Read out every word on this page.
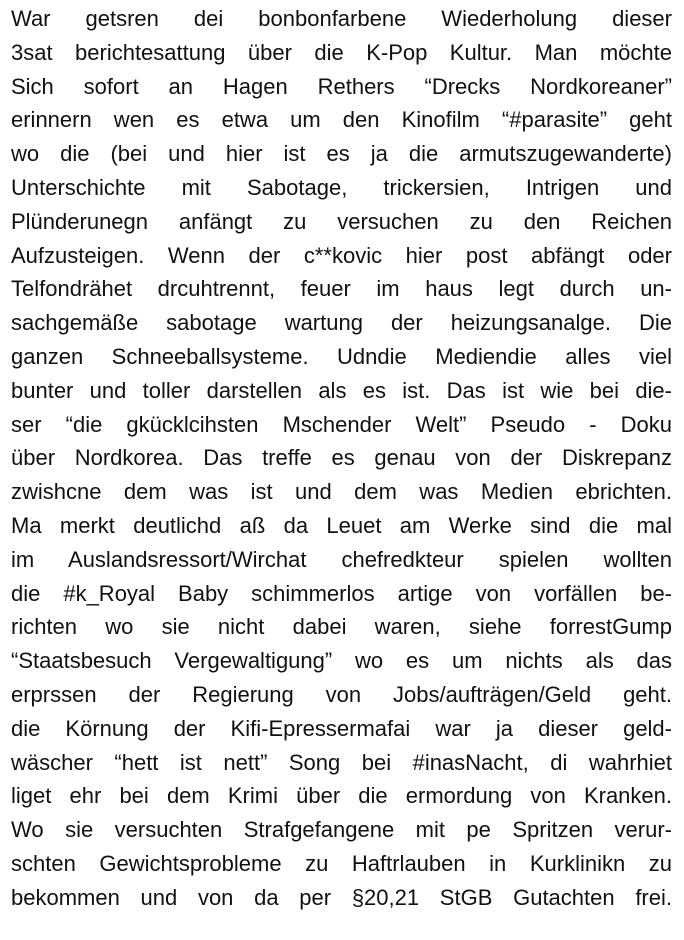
War getsren dei bonbonfarbene Wiederholung dieser
3sat berichtesattung über die K-Pop Kultur. Man möchte
Sich sofort an Hagen Rethers “Drecks Nordkoreaner”
erinnern wen es etwa um den Kinofilm “#parasite” geht
wo die (bei und hier ist es ja die armutszugewanderte)
Unterschichte mit Sabotage, trickersien, Intrigen und
Plünderunegn anfängt zu versuchen zu den Reichen
Aufzusteigen. Wenn der c**kovic hier post abfängt oder
Telfondrähet drcuhtrennt, feuer im haus legt durch un-
sachgemäße sabotage wartung der heizungsanalge. Die
ganzen Schneeballsysteme. Udndie Mediendie alles viel
bunter und toller darstellen als es ist. Das ist wie bei die-
ser “die gkücklcihsten Mschender Welt” Pseudo - Doku
über Nordkorea. Das treffe es genau von der Diskrepanz
zwishcne dem was ist und dem was Medien ebrichten.
Ma merkt deutlichd aß da Leuet am Werke sind die mal
im Auslandsressort/Wirchat chefredkteur spielen wollten
die #k_Royal Baby schimmerlos artige von vorfällen be-
richten wo sie nicht dabei waren, siehe forrestGump
“Staatsbesuch Vergewaltigung” wo es um nichts als das
erprssen der Regierung von Jobs/aufträgen/Geld geht.
die Körnung der Kifi-Epressermafai war ja dieser geld-
wäscher “hett ist nett” Song bei #inasNacht, di wahrhiet
liget ehr bei dem Krimi über die ermordung von Kranken.
Wo sie versuchten Strafgefangene mit pe Spritzen verur-
schten Gewichtsprobleme zu Haftrlauben in Kurklinikn zu
bekommen und von da per §20,21 StGB Gutachten frei.
